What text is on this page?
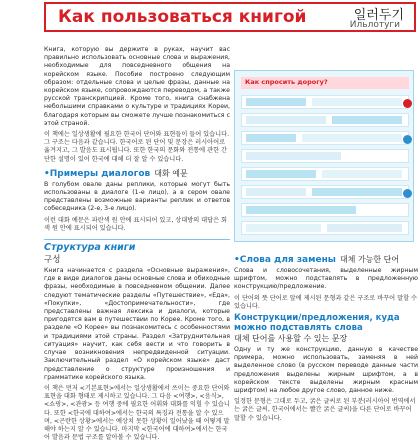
Как пользоваться книгой	일러두기
Ильлотуги

Книга, которую вы держите в руках, научит вас правильно использовать основные слова и выражения, необходимые для повседневного общения на корейском языке. Пособие построено следующим образом: отдельные слова и целые фразы, данные на корейском языке, сопровождаются переводом, а также русской транскрипцией. Кроме того, книга снабжена небольшими справками о культуре и традициях Кореи, благодаря которым вы сможете лучше познакомиться с этой страной.

이 책에는 일상생활에 필요한 한국어 단어와 표현들이 들어 있습니다. 그 구조는 다음과 같습니다. 한국어로 된 단어 및 문장은 러시아어로 옮겨지고, 그 발음도 표시됩니다. 또한 한국의 문화와 전통에 관한 간단한 설명이 있어 한국에 대해 더 잘 알 수 있습니다.

•Примеры диалогов 대화 예문

В голубом овале даны реплики, которые могут быть использованы в диалоге (1-е лицо), а в сером овале представлены возможные варианты реплик и ответов собеседника (2-е, 3-е лицо).

이런 대화 예문은 파란색 원 안에 표시되어 있고, 상대방의 대답은 회색 원 안에 표시되어 있습니다.

Структура книги
구성

Книга начинается с раздела «Основные выражения», где в виде диалогов даны основные слова и обиходные фразы, необходимые в повседневном общении. Далее следуют тематические разделы «Путешествие», «Еда», «Покупки», «Достопримечательности», где представлены важная лексика и диалоги, которые пригодятся вам в путешествии по Корее. Кроме того, в разделе «О Корее» вы познакомитесь с особенностями и традициями этой страны. Раздел «Затруднительная ситуация» научит, как себя вести и что говорить в случае возникновения непредвиденной ситуации. Заключительный раздел «О корейском языке» даст представление о структуре произношения и грамматике корейского языка.

이 책은 먼저 <기본표현>에서는 일상생활에서 쓰이는 중요한 단어와 표현을 대화 형태로 제시하고 있습니다. 그 다음 <여행>, <음식>, <쇼핑>, <관광> 등 여행 중에 필요한 어휘와 대화를 익힐 수 있습니다. 또한 <한국에 대하여>에서는 한국의 특징과 전통을 알 수 있으며, <곤란한 상황>에서는 예상치 못한 상황이 일어났을 때 어떻게 말해야 하는지 알 수 있습니다. 마지막 <한국어에 대하여>에서는 한국어 발음과 문법 구조를 알아볼 수 있습니다.

Как спросить дорогу?
•Слова для замены 대체 가능한 단어

Слова и словосочетания, выделенные жирным шрифтом, можно подставлять в предложенную конструкцию/предложение.

이 단어의 뜻 단어로 앞에 제시된 문형과 같은 구조로 바꾸어 말할 수 있습니다.

Конструкции/предложения, куда можно подставлять слова
대체 단어를 사용할 수 있는 문장

Одну и ту же конструкцию, данную в качестве примера, можно использовать, заменяя в ней выделенное слово (в русском переводе данные части предложения выделены жирным шрифтом, а в корейском тексте выделены жирным красным шрифтом) на любое другое слово, данное ниже.

일정한 문형은 그대로 두고, 굵은 글씨로 된 부분(러시아어 번역에서는 굵은 글씨, 한국어에서는 빨간 굵은 글씨)을 다른 단어로 바꾸어 말할 수 있습니다.
